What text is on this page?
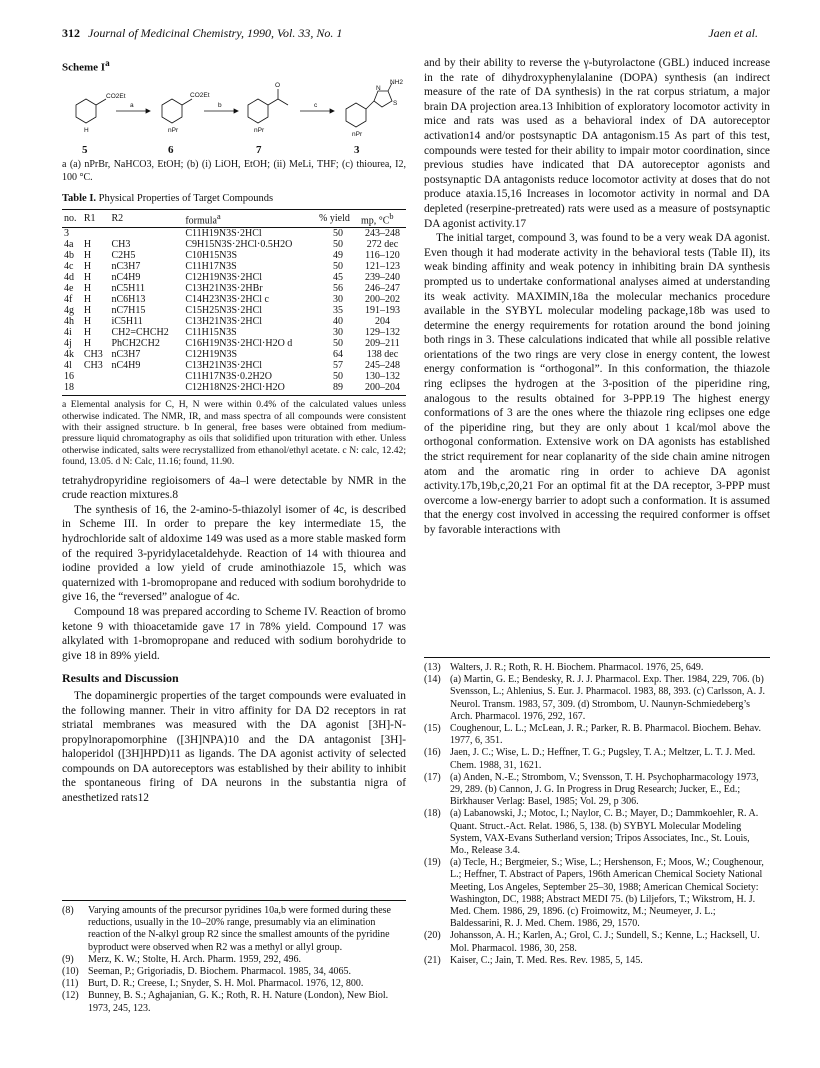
312 Journal of Medicinal Chemistry, 1990, Vol. 33, No. 1	Jaen et al.
Scheme $I^a$
CO2Et
H
a
CO2Et
nPr
b
O
nPr
c
NH2
N
S
nPr
5	6	7	3
a (a) nPrBr, NaHCO3, EtOH; (b) (i) LiOH, EtOH; (ii) MeLi, THF; (c) thiourea, I2, 100 °C.
Table I. Physical Properties of Target Compounds
no.	R1	R2	formula$^a$	% yield	mp, $^\circ C^b$
3			C11H19N3S·2HCl	50	243–248
4a	H	CH3	C9H15N3S·2HCl·0.5H2O	50	272 dec
4b	H	C2H5	C10H15N3S	49	116–120
4c	H	nC3H7	C11H17N3S	50	121–123
4d	H	nC4H9	C12H19N3S·2HCl	45	239–240
4e	H	nC5H11	C13H21N3S·2HBr	56	246–247
4f	H	nC6H13	C14H23N3S·2HCl c	30	200–202
4g	H	nC7H15	C15H25N3S·2HCl	35	191–193
4h	H	iC5H11	C13H21N3S·2HCl	40	204
4i	H	CH2=CHCH2	C11H15N3S	30	129–132
4j	H	PhCH2CH2	C16H19N3S·2HCl·H2O d	50	209–211
4k	CH3	nC3H7	C12H19N3S	64	138 dec
4l	CH3	nC4H9	C13H21N3S·2HCl	57	245–248
16			C11H17N3S·0.2H2O	50	130–132
18			C12H18N2S·2HCl·H2O	89	200–204
a Elemental analysis for C, H, N were within 0.4% of the calculated values unless otherwise indicated. The NMR, IR, and mass spectra of all compounds were consistent with their assigned structure. b In general, free bases were obtained from medium-pressure liquid chromatography as oils that solidified upon trituration with ether. Unless otherwise indicated, salts were recrystallized from ethanol/ethyl acetate. c N: calc, 12.42; found, 13.05. d N: Calc, 11.16; found, 11.90.

tetrahydropyridine regioisomers of 4a–l were detectable by NMR in the crude reaction mixtures.8

The synthesis of 16, the 2-amino-5-thiazolyl isomer of 4c, is described in Scheme III. In order to prepare the key intermediate 15, the hydrochloride salt of aldoxime 149 was used as a more stable masked form of the required 3-pyridylacetaldehyde. Reaction of 14 with thiourea and iodine provided a low yield of crude aminothiazole 15, which was quaternized with 1-bromopropane and reduced with sodium borohydride to give 16, the “reversed” analogue of 4c.

Compound 18 was prepared according to Scheme IV. Reaction of bromo ketone 9 with thioacetamide gave 17 in 78% yield. Compound 17 was alkylated with 1-bromopropane and reduced with sodium borohydride to give 18 in 89% yield.

Results and Discussion

The dopaminergic properties of the target compounds were evaluated in the following manner. Their in vitro affinity for DA D2 receptors in rat striatal membranes was measured with the DA agonist [3H]-N-propylnorapomorphine ([3H]NPA)10 and the DA antagonist [3H]-haloperidol ([3H]HPD)11 as ligands. The DA agonist activity of selected compounds on DA autoreceptors was established by their ability to inhibit the spontaneous firing of DA neurons in the substantia nigra of anesthetized rats12

(8)	Varying amounts of the precursor pyridines 10a,b were formed during these reductions, usually in the 10–20% range, presumably via an elimination reaction of the N-alkyl group R2 since the smallest amounts of the pyridine byproduct were observed when R2 was a methyl or allyl group.
(9)	Merz, K. W.; Stolte, H. Arch. Pharm. 1959, 292, 496.
(10) Seeman, P.; Grigoriadis, D. Biochem. Pharmacol. 1985, 34, 4065.
(11) Burt, D. R.; Creese, I.; Snyder, S. H. Mol. Pharmacol. 1976, 12, 800.
(12) Bunney, B. S.; Aghajanian, G. K.; Roth, R. H. Nature (London), New Biol. 1973, 245, 123.

and by their ability to reverse the γ-butyrolactone (GBL) induced increase in the rate of dihydroxyphenylalanine (DOPA) synthesis (an indirect measure of the rate of DA synthesis) in the rat corpus striatum, a major brain DA projection area.13 Inhibition of exploratory locomotor activity in mice and rats was used as a behavioral index of DA autoreceptor activation14 and/or postsynaptic DA antagonism.15 As part of this test, compounds were tested for their ability to impair motor coordination, since previous studies have indicated that DA autoreceptor agonists and postsynaptic DA antagonists reduce locomotor activity at doses that do not produce ataxia.15,16 Increases in locomotor activity in normal and DA depleted (reserpine-pretreated) rats were used as a measure of postsynaptic DA agonist activity.17

The initial target, compound 3, was found to be a very weak DA agonist. Even though it had moderate activity in the behavioral tests (Table II), its weak binding affinity and weak potency in inhibiting brain DA synthesis prompted us to undertake conformational analyses aimed at understanding its weak activity. MAXIMIN,18a the molecular mechanics procedure available in the SYBYL molecular modeling package,18b was used to determine the energy requirements for rotation around the bond joining both rings in 3. These calculations indicated that while all possible relative orientations of the two rings are very close in energy content, the lowest energy conformation is “orthogonal”. In this conformation, the thiazole ring eclipses the hydrogen at the 3-position of the piperidine ring, analogous to the results obtained for 3-PPP.19 The highest energy conformations of 3 are the ones where the thiazole ring eclipses one edge of the piperidine ring, but they are only about 1 kcal/mol above the orthogonal conformation. Extensive work on DA agonists has established the strict requirement for near coplanarity of the side chain amine nitrogen atom and the aromatic ring in order to achieve DA agonist activity.17b,19b,c,20,21 For an optimal fit at the DA receptor, 3-PPP must overcome a low-energy barrier to adopt such a conformation. It is assumed that the energy cost involved in accessing the required conformer is offset by favorable interactions with

(13) Walters, J. R.; Roth, R. H. Biochem. Pharmacol. 1976, 25, 649.
(14) (a) Martin, G. E.; Bendesky, R. J. J. Pharmacol. Exp. Ther. 1984, 229, 706. (b) Svensson, L.; Ahlenius, S. Eur. J. Pharmacol. 1983, 88, 393. (c) Carlsson, A. J. Neurol. Transm. 1983, 57, 309. (d) Strombom, U. Naunyn-Schmiedeberg’s Arch. Pharmacol. 1976, 292, 167.
(15) Coughenour, L. L.; McLean, J. R.; Parker, R. B. Pharmacol. Biochem. Behav. 1977, 6, 351.
(16) Jaen, J. C.; Wise, L. D.; Heffner, T. G.; Pugsley, T. A.; Meltzer, L. T. J. Med. Chem. 1988, 31, 1621.
(17) (a) Anden, N.-E.; Strombom, V.; Svensson, T. H. Psychopharmacology 1973, 29, 289. (b) Cannon, J. G. In Progress in Drug Research; Jucker, E., Ed.; Birkhauser Verlag: Basel, 1985; Vol. 29, p 306.
(18) (a) Labanowski, J.; Motoc, I.; Naylor, C. B.; Mayer, D.; Dammkoehler, R. A. Quant. Struct.-Act. Relat. 1986, 5, 138. (b) SYBYL Molecular Modeling System, VAX-Evans Sutherland version; Tripos Associates, Inc., St. Louis, Mo., Release 3.4.
(19) (a) Tecle, H.; Bergmeier, S.; Wise, L.; Hershenson, F.; Moos, W.; Coughenour, L.; Heffner, T. Abstract of Papers, 196th American Chemical Society National Meeting, Los Angeles, September 25–30, 1988; American Chemical Society: Washington, DC, 1988; Abstract MEDI 75. (b) Liljefors, T.; Wikstrom, H. J. Med. Chem. 1986, 29, 1896. (c) Froimowitz, M.; Neumeyer, J. L.; Baldessarini, R. J. Med. Chem. 1986, 29, 1570.
(20) Johansson, A. H.; Karlen, A.; Grol, C. J.; Sundell, S.; Kenne, L.; Hacksell, U. Mol. Pharmacol. 1986, 30, 258.
(21) Kaiser, C.; Jain, T. Med. Res. Rev. 1985, 5, 145.
